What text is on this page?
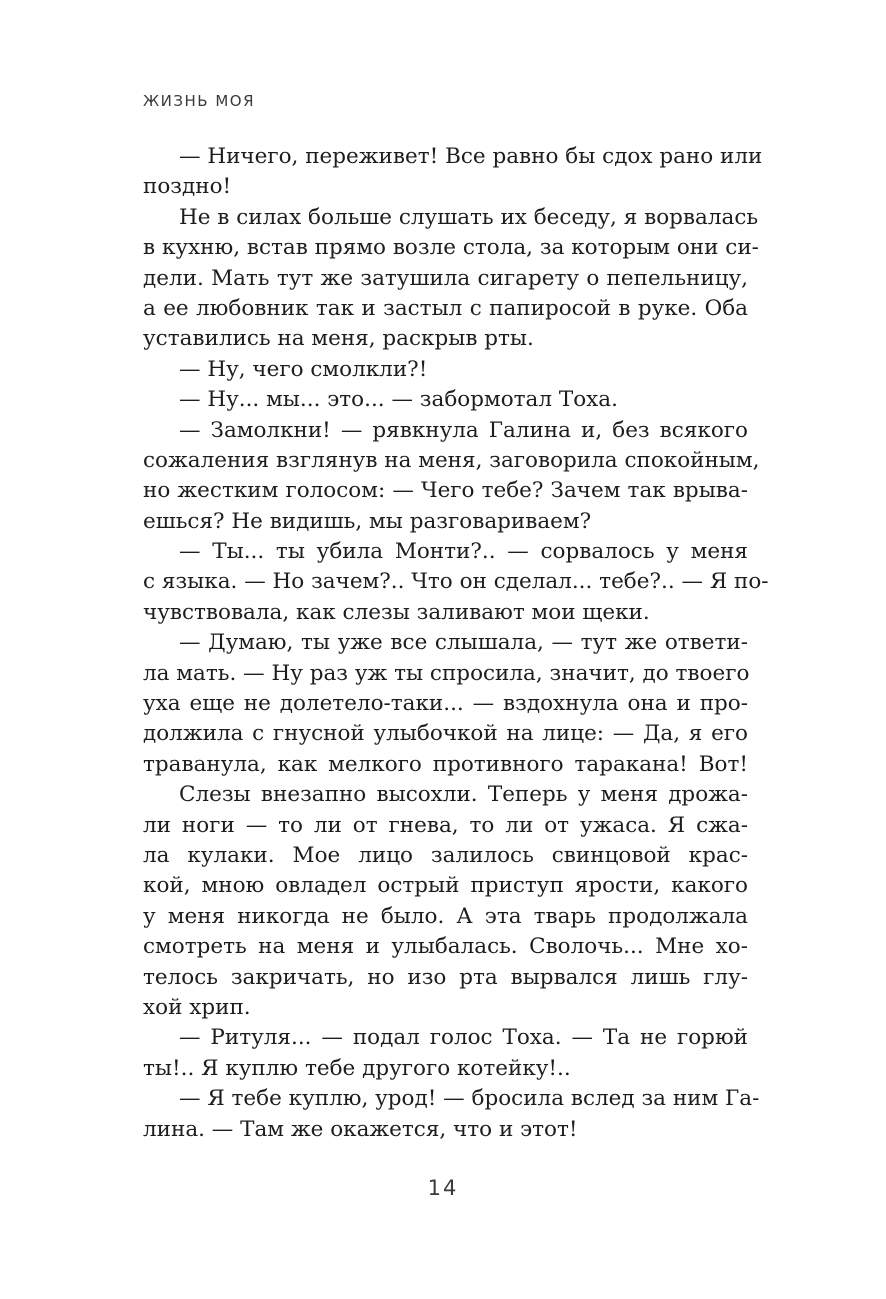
ЖИЗНЬ МОЯ
— Ничего, переживет! Все равно бы сдох рано или
поздно!
Не в силах больше слушать их беседу, я ворвалась
в кухню, встав прямо возле стола, за которым они си-
дели. Мать тут же затушила сигарету о пепельницу,
а ее любовник так и застыл с папиросой в руке. Оба
уставились на меня, раскрыв рты.
— Ну, чего смолкли?!
— Ну... мы... это... — забормотал Тоха.
— Замолкни! — рявкнула Галина и, без всякого
сожаления взглянув на меня, заговорила спокойным,
но жестким голосом: — Чего тебе? Зачем так врыва-
ешься? Не видишь, мы разговариваем?
— Ты... ты убила Монти?.. — сорвалось у меня
с языка. — Но зачем?.. Что он сделал... тебе?.. — Я по-
чувствовала, как слезы заливают мои щеки.
— Думаю, ты уже все слышала, — тут же ответи-
ла мать. — Ну раз уж ты спросила, значит, до твоего
уха еще не долетело-таки... — вздохнула она и про-
должила с гнусной улыбочкой на лице: — Да, я его
травaнула, как мелкого противного таракана! Вот!
Слезы внезапно высохли. Теперь у меня дрожа-
ли ноги — то ли от гнева, то ли от ужаса. Я сжа-
ла кулаки. Мое лицо залилось свинцовой крас-
кой, мною овладел острый приступ ярости, какого
у меня никогда не было. А эта тварь продолжала
смотреть на меня и улыбалась. Сволочь... Мне хо-
телось закричать, но изо рта вырвался лишь глу-
хой хрип.
— Ритуля... — подал голос Тоха. — Та не горюй
ты!.. Я куплю тебе другого котейку!..
— Я тебе куплю, урод! — бросила вслед за ним Га-
лина. — Там же окажется, что и этот!
14
